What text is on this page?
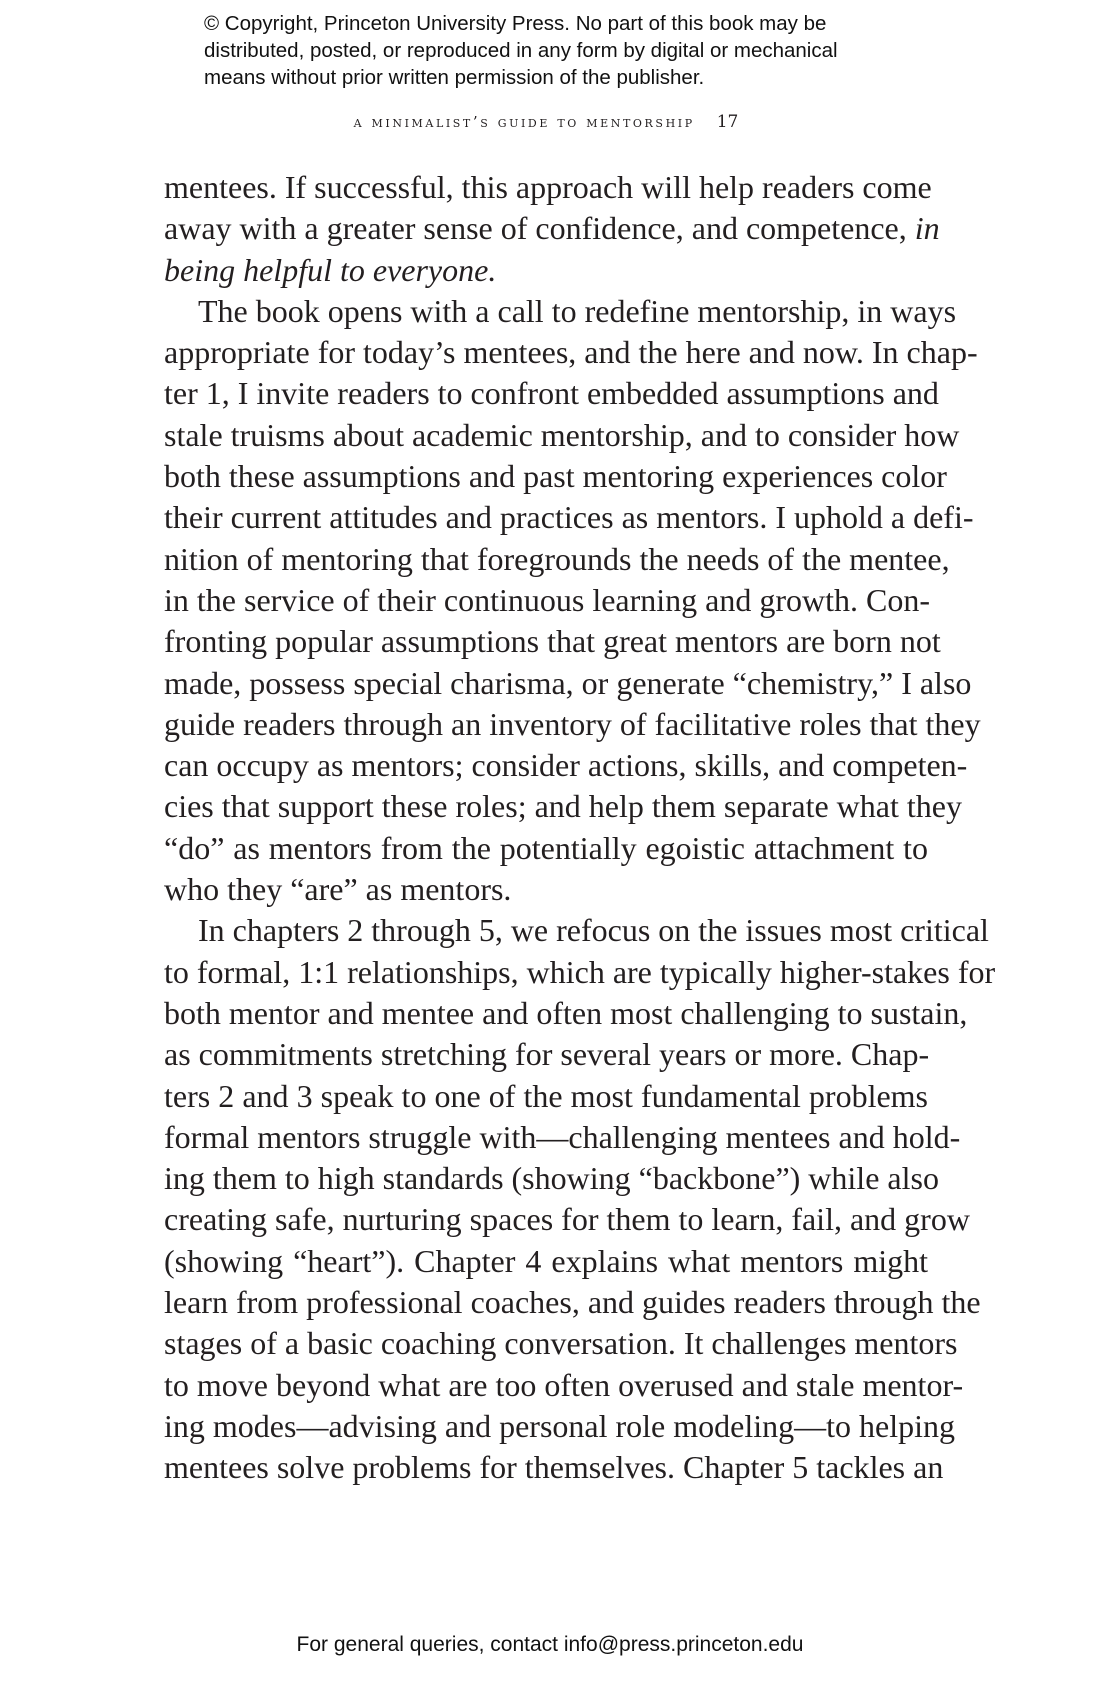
© Copyright, Princeton University Press. No part of this book may be
distributed, posted, or reproduced in any form by digital or mechanical
means without prior written permission of the publisher.
a minimalist’s guide to mentorship 17
mentees. If successful, this approach will help readers come
away with a greater sense of confidence, and competence, in
being helpful to everyone.
The book opens with a call to redefine mentorship, in ways
appropriate for today’s mentees, and the here and now. In chap-
ter 1, I invite readers to confront embedded assumptions and
stale truisms about academic mentorship, and to consider how
both these assumptions and past mentoring experiences color
their current attitudes and practices as mentors. I uphold a defi-
nition of mentoring that foregrounds the needs of the mentee,
in the service of their continuous learning and growth. Con-
fronting popular assumptions that great mentors are born not
made, possess special charisma, or generate “chemistry,” I also
guide readers through an inventory of facilitative roles that they
can occupy as mentors; consider actions, skills, and competen-
cies that support these roles; and help them separate what they
“do” as mentors from the potentially egoistic attachment to
who they “are” as mentors.
In chapters 2 through 5, we refocus on the issues most critical
to formal, 1:1 relationships, which are typically higher-stakes for
both mentor and mentee and often most challenging to sustain,
as commitments stretching for several years or more. Chap-
ters 2 and 3 speak to one of the most fundamental problems
formal mentors struggle with—challenging mentees and hold-
ing them to high standards (showing “backbone”) while also
creating safe, nurturing spaces for them to learn, fail, and grow
(showing “heart”). Chapter 4 explains what mentors might
learn from professional coaches, and guides readers through the
stages of a basic coaching conversation. It challenges mentors
to move beyond what are too often overused and stale mentor-
ing modes—advising and personal role modeling—to helping
mentees solve problems for themselves. Chapter 5 tackles an
For general queries, contact info@press.princeton.edu
